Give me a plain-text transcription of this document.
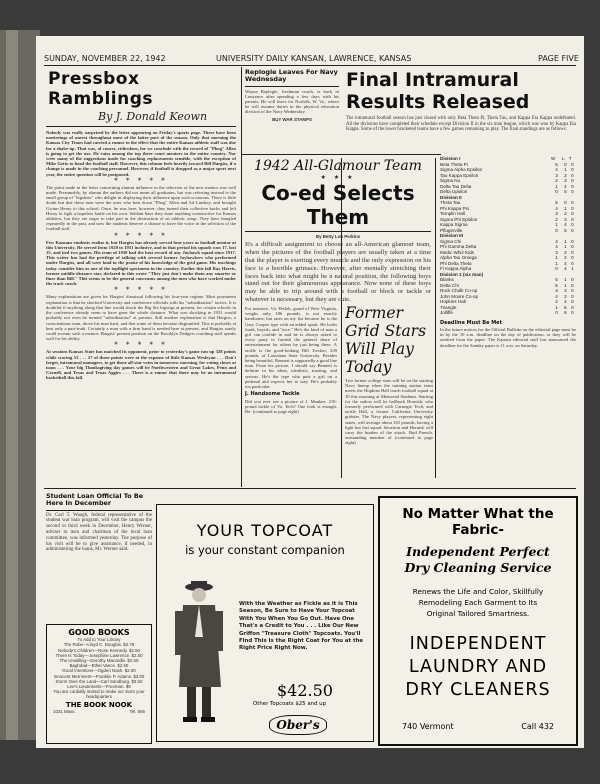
SUNDAY, NOVEMBER 22, 1942	UNIVERSITY DAILY KANSAN, LAWRENCE, KANSAS	PAGE FIVE
Pressbox Ramblings
By J. Donald Keown
Nobody was really surprised by the letter appearing on Friday's sports page. There have been mutterings of unrest throughout most of the latter part of the season. Only that morning the Kansas City Times had carried a rumor to the effect that the entire Kansas athletic staff was due for a shake-up. That was, of course, ridiculous, for we conclude with the record of "Phog" Allen is going to get the axe. He rates among the top three court mentors in the entire country. Nor were many of the suggestions made for coaching replacements sensible, with the exception of Mike Getto to head the football staff. However, this column feels heavily toward Bill Hargiss, if a change is made in the coaching personnel. However, if football is dropped as a major sport next year, the entire question will be postponed.
* * * * *
The point made in the letter concerning alumni influence in the selection of the new mentor was well made. Presumably, by alumni the authors did not mean all graduates, but was referring instead to the small group of "bigshots" who delight in displaying their influence upon such occasions. There is little doubt but that these men were the ones who beat down "Phog" Allen and Ad Lindsey, and brought Gwinn Henry to this school. Once, he was here, however, they turned their collective backs and left Henry to fight a hopeless battle on his own. Seldom have they done anything constructive for Kansas athletics, but they are eager to take part in the destruction of an athletic setup. They have bungled repeatedly in the past, and now the students deserve a chance to have the voice in the selection of the football staff.
* * * * *
Few Kansans students realize it, but Hargiss has already served four years as football mentor at this University. He served from 1928 to 1931 inclusive, and in that period his squads won 17, lost 15, and tied two games. His team of 1930 had the best record of any Jayhawk squad since 1917. This writer has had the privilege of talking with several former Jayhawkers who performed under Hargiss, and all were loud in the praise of his knowledge of the grid game. His teachings today consider him as one of the topflight specimens in the country. Earlier this fall Ray Harris, former middle-distance star, declared in this wrote "They just don't make them any smarter or finer than Bill." This seems to be the general concensus among the men who have worked under the track coach.
* * * * *
Many explanations are given for Hargiss' dismissal following his four-year regime. Most prominent explanation is that he shocked University and conference officials with his "subsidization" tactics. It is doubtful if anything along that line would shock the Big Six bigwigs at present, for certain schools in the conference already seem to have gone the whole distance. What was shocking in 1931 would probably not even be termed "subsidization" at present. Still another explanation is that Hargiss, a conscientious man, drove his men hard, and that some of them became disgruntled. This is probably at best only a part-truth. Certainly a man with a firm hand is needed here at present, and Hargiss surely could scream such a mentor. Hargiss' present position on the Brooklyn Dodgers coaching staff speaks well for his ability.
* * * * *
At sessions Kansas State has matched its opponent, prior to yesterday's game ran up 328 points while scoring 53 . . . 27 of those points were at the expense of little Kansas Wesleyan . . . Don't forget, intramural managers, to get those all-star votes in tomorrow morning, for voting closes at noon . . . Your big Thanksgiving day games will be Northwestern and Great Lakes, Penn and Cornell, and Texas and Texas Aggies . . . There is a rumor that there may be no intramural basketball this fall.
Replogle Leaves For Navy Wednesday
Wayne Replogle, freshman coach, is back in Lawrence after spending a few days with his parents. He will leave for Norfolk, W. Va., where he will assume duties in the physical education division of the Navy Wednesday.
BUY WAR STAMPS
Final Intramural Results Released
The intramural football season has just closed with only Beta Theta Pi, Theta Tau, and Kappa Eta Kappa undefeated. All the divisions have completed their schedule except Division II in the six man league, which was won by Kappa Eta Kappa. Some of the lower bracketed teams have a few games remaining to play. The final standings are as follows:
Division I	W	L	T
Beta Theta Pi	5	0	0
Sigma Alpha Epsilon	4	1	0
Tau Kappa Epsilon	3	2	0
Sigma Nu	2	3	0
Delta Tau Delta	1	4	0
Delta Upsilon	0	5	0
Division II			
Theta Tau	5	0	0
Phi Kappa Psi	4	1	0
Templin Hall	3	2	0
Sigma Phi Epsilon	2	3	0
Kappa Sigma	1	4	0
Pflugerville	0	5	0
Division III			
Sigma Chi	4	1	0
Phi Gamma Delta	4	1	0
Medic Whiz Kids	3	2	0
Alpha Tau Omega	1	2	0
Phi Delta Theta	1	4	0
Fi Kappa Alpha	0	4	1
Division 1 (six man)			
Blanks	5	1	0
Delta Chi	5	1	0
Rock Chalk Co-op	4	2	0
John Moore Co-op	4	2	0
Hopkins Hall	2	4	0
Triangle	1	5	0
Jolliffe	0	6	0
Deadline Must Be Met
In the future notices for the Official Bulletin on the editorial page must be in by the 10 a.m. deadline on the day of publication, or they will be omitted from the paper. The Kansan editorial staff has announced the deadline for the Sunday paper is 11 a.m. on Saturday.
1942 All-Glamour Team
★ ★ ★
Co-ed Selects Them
By Betty Lou Perkins
It's a difficult assignment to choose an all-American glamour team, when the pictures of the football players are usually taken at a time that the player is exerting every muscle and the only expression on his face is a horrible grimace. However, after mentally stretching their faces back into what might be a natural position, the following boys stand out for their glamourous appearance. Now none of these boys may be able to trip around with a football or block or tackle or whatever is necessary, but they are cute.
For instance, Vic Pesloh, guard of West Virginia, weighs only 186 pounds, is not exactly handsome, but rates on my list because he is the Gary Cooper type with an added spark. He looks frank, boyish, and "nice." He's the kind of man a girl can confide in and he is always asked to every party to furnish the general share of entertainment for others by just being there. A tackle is the good-looking Bill Trecker, 239 pounds, of Louisiana State University. Besides being beautiful, Bennett is supposedly a good line man. From his picture, I should say Bennett is definite in his ideas, idealistic, trusting, and serious. He's the type who puts a girl on a pedestal and expects her to stay. He's probably too particular.
J. Handsome Tackle
Did you ever see a picture of J. Mankee, 210-pound tackle of Va. Tech? One look is enough. Be- (continued to page eight)
Former Grid Stars Will Play Today
Two former college stars will be on the starting Navy lineup when the training station team meets the Hopkins Hall touch football squad at 10 this morning at Memorial Stadium. Starting for the sailors will be halfback Hornish, who formerly performed with Carnegie Tech, and tackle Hall, a former California University gridster. The Navy players, representing eight states, will average about 165 pounds, having a light but fast squad. Secasion and Hornish will carry the burden of the attack. Bud French, outstanding member of (continued to page eight)
Student Loan Official To Be Here In December
Dr. Carl T. Waugh, federal representative of the student war loan program, will visit the campus the second or third week in December, Henry Werner, adviser to men and chairman of the local loan committee, was informed yesterday. The purpose of his visit will be to give assistance, if needed, in administering the loans, Mr. Werner said.
GOOD BOOKS
To Add to Your Library
The Robe—Lloyd C. Douglas. $2.75
Nobody's Children—Rose Kennedy. $2.50
There Is Today—Josephine Lawrence. $2.50
The Unwilling—Dorothy Macardle. $2.50
Baghdad—Ethel Vance. $2.50
Good Intentions—Ogden Nash. $2.00
Innocent Merriment—Franklin P. Adams. $3.00
Storm Over the Land—Carl Sandburg. $3.50
Lee's Lieutenants—Freeman. $5
You are cordially invited to make our store your headquarters
THE BOOK NOOK
1031 Mass.	Tel. 666
YOUR TOPCOAT
is your constant companion
With the Weather as Fickle as it is This Season, Be Sure to Have Your Topcoat With You When You Go Out. Have One That's a Credit to You . . . Like Our New Griffon "Treasure Cloth" Topcoats. You'll Find This Is the Right Coat for You at the Right Price Right Now.
$42.50
Other Topcoats $25 and up
Ober's
No Matter What the Fabric-
Independent Perfect Dry Cleaning Service
Renews the Life and Color, Skillfully Remodeling Each Garment to Its Original Tailored Smartness.
INDEPENDENT LAUNDRY AND DRY CLEANERS
740 Vermont	Call 432
